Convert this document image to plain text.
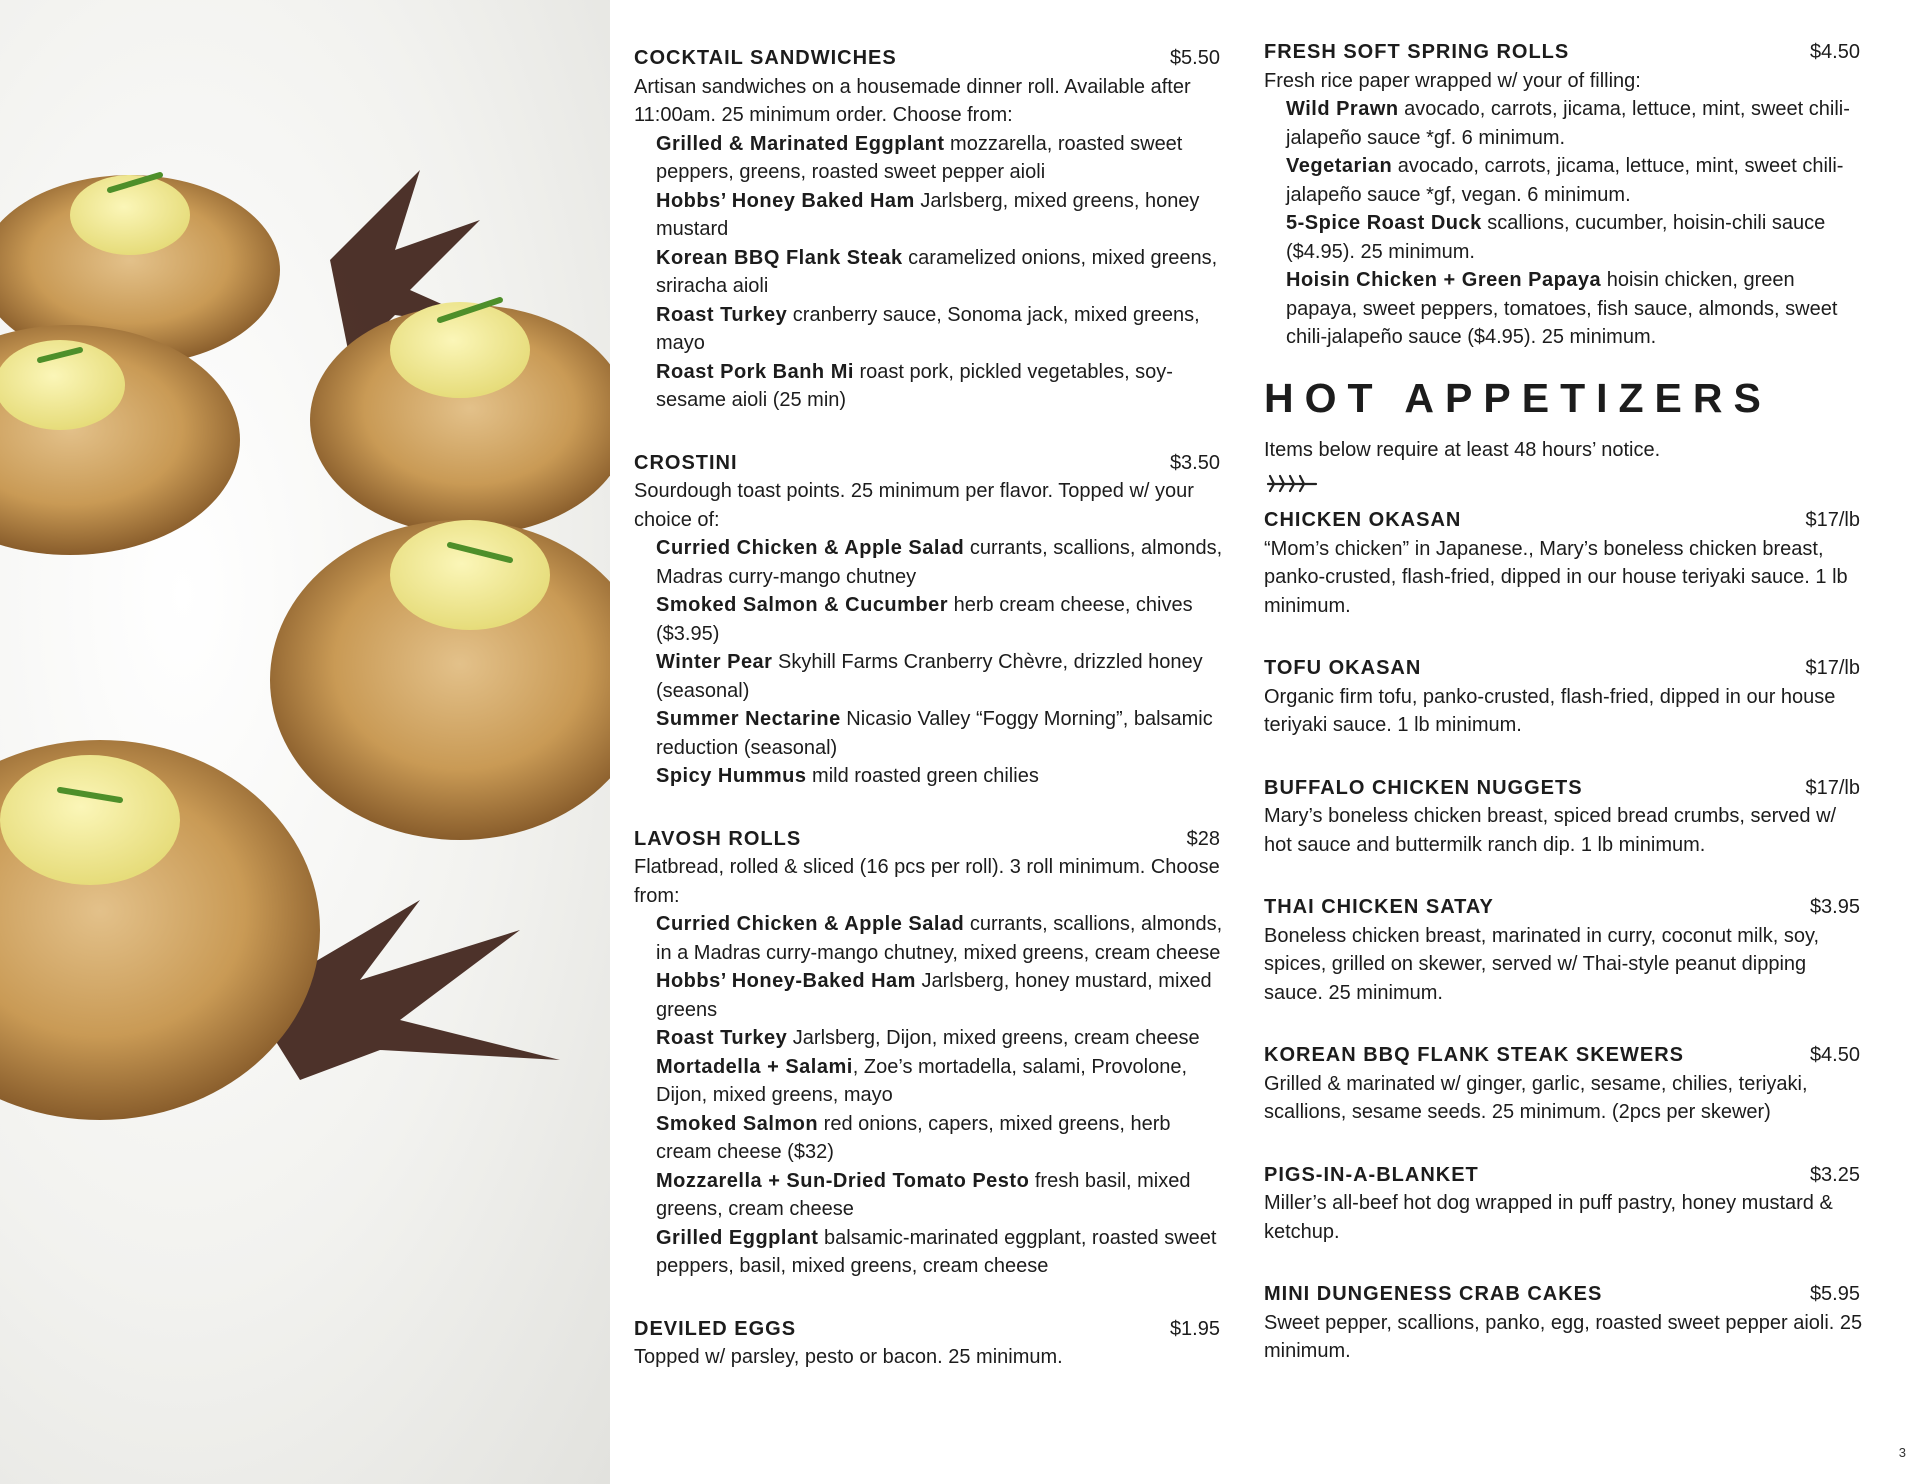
COCKTAIL SANDWICHES	$5.50
Artisan sandwiches on a housemade dinner roll. Available after 11:00am. 25 minimum order. Choose from:
Grilled & Marinated Eggplant mozzarella, roasted sweet peppers, greens, roasted sweet pepper aioli
Hobbs’ Honey Baked Ham Jarlsberg, mixed greens, honey mustard
Korean BBQ Flank Steak caramelized onions, mixed greens, sriracha aioli
Roast Turkey cranberry sauce, Sonoma jack, mixed greens, mayo
Roast Pork Banh Mi roast pork, pickled vegetables, soy-sesame aioli (25 min)
CROSTINI	$3.50
Sourdough toast points. 25 minimum per flavor. Topped w/ your choice of:
Curried Chicken & Apple Salad currants, scallions, almonds, Madras curry-mango chutney
Smoked Salmon & Cucumber herb cream cheese, chives ($3.95)
Winter Pear Skyhill Farms Cranberry Chèvre, drizzled honey (seasonal)
Summer Nectarine Nicasio Valley “Foggy Morning”, balsamic reduction (seasonal)
Spicy Hummus mild roasted green chilies
LAVOSH ROLLS	$28
Flatbread, rolled & sliced (16 pcs per roll). 3 roll minimum. Choose from:
Curried Chicken & Apple Salad currants, scallions, almonds, in a Madras curry-mango chutney, mixed greens, cream cheese
Hobbs’ Honey-Baked Ham Jarlsberg, honey mustard, mixed greens
Roast Turkey Jarlsberg, Dijon, mixed greens, cream cheese
Mortadella + Salami, Zoe’s mortadella, salami, Provolone, Dijon, mixed greens, mayo
Smoked Salmon red onions, capers, mixed greens, herb cream cheese ($32)
Mozzarella + Sun-Dried Tomato Pesto fresh basil, mixed greens, cream cheese
Grilled Eggplant balsamic-marinated eggplant, roasted sweet peppers, basil, mixed greens, cream cheese
DEVILED EGGS	$1.95
Topped w/ parsley, pesto or bacon. 25 minimum.
FRESH SOFT SPRING ROLLS	$4.50
Fresh rice paper wrapped w/ your of filling:
Wild Prawn avocado, carrots, jicama, lettuce, mint, sweet chili-jalapeño sauce *gf. 6 minimum.
Vegetarian avocado, carrots, jicama, lettuce, mint, sweet chili-jalapeño sauce *gf, vegan. 6 minimum.
5-Spice Roast Duck scallions, cucumber, hoisin-chili sauce ($4.95). 25 minimum.
Hoisin Chicken + Green Papaya hoisin chicken, green papaya, sweet peppers, tomatoes, fish sauce, almonds, sweet chili-jalapeño sauce ($4.95). 25 minimum.
HOT APPETIZERS
Items below require at least 48 hours’ notice.
CHICKEN OKASAN	$17/lb
“Mom’s chicken” in Japanese., Mary’s boneless chicken breast, panko-crusted, flash-fried, dipped in our house teriyaki sauce. 1 lb minimum.
TOFU OKASAN	$17/lb
Organic firm tofu, panko-crusted, flash-fried, dipped in our house teriyaki sauce. 1 lb minimum.
BUFFALO CHICKEN NUGGETS	$17/lb
Mary’s boneless chicken breast, spiced bread crumbs, served w/ hot sauce and buttermilk ranch dip. 1 lb minimum.
THAI CHICKEN SATAY	$3.95
Boneless chicken breast, marinated in curry, coconut milk, soy, spices, grilled on skewer, served w/ Thai-style peanut dipping sauce. 25 minimum.
KOREAN BBQ FLANK STEAK SKEWERS	$4.50
Grilled & marinated w/ ginger, garlic, sesame, chilies, teriyaki, scallions, sesame seeds. 25 minimum. (2pcs per skewer)
PIGS-IN-A-BLANKET	$3.25
Miller’s all-beef hot dog wrapped in puff pastry, honey mustard & ketchup.
MINI DUNGENESS CRAB CAKES	$5.95
Sweet pepper, scallions, panko, egg, roasted sweet pepper aioli. 25 minimum.
3
